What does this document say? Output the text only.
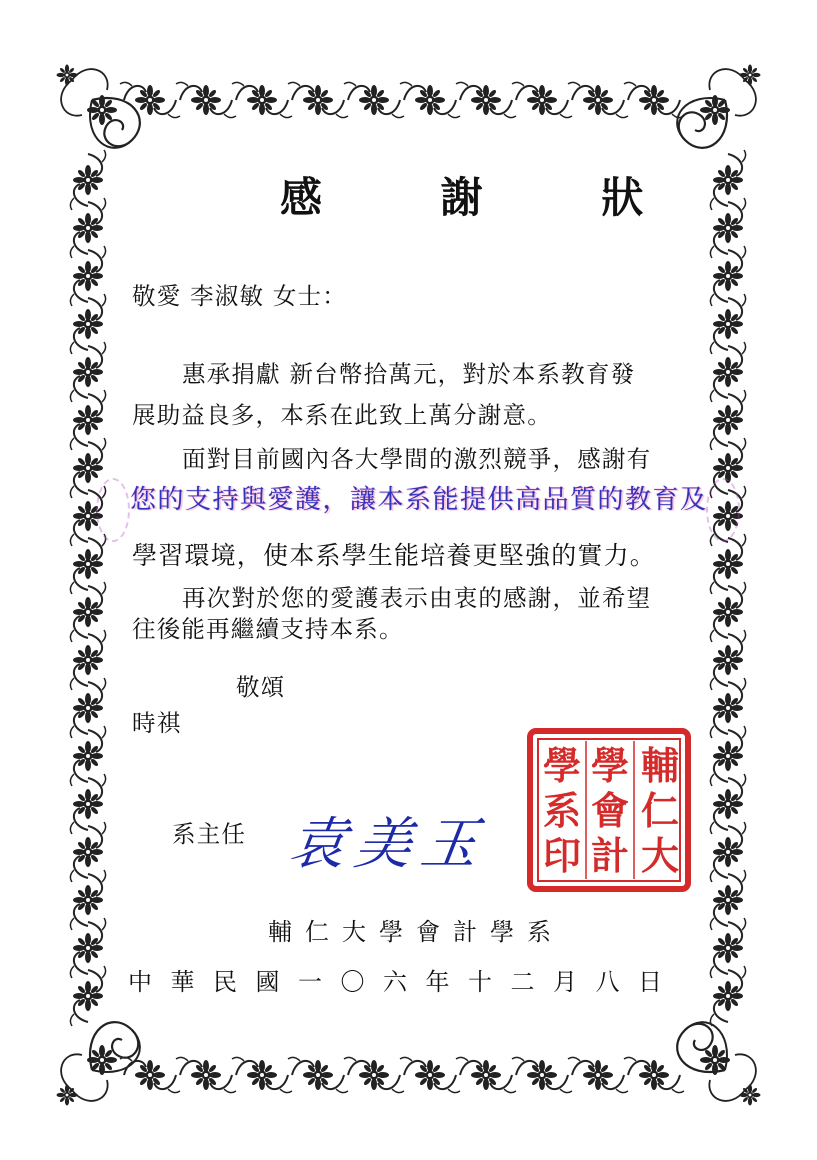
感 謝 狀
敬愛 李淑敏 女士：
惠承捐獻 新台幣拾萬元，對於本系教育發
展助益良多，本系在此致上萬分謝意。
面對目前國內各大學間的激烈競爭，感謝有
您的支持與愛護，讓本系能提供高品質的教育及
學習環境，使本系學生能培養更堅強的實力。
再次對於您的愛護表示由衷的感謝，並希望
往後能再繼續支持本系。
敬頌
時祺
系主任 袁美玉
輔
仁
大
學
會
計
學
系
印
輔仁大學會計學系
中華民國一〇六年十二月八日
